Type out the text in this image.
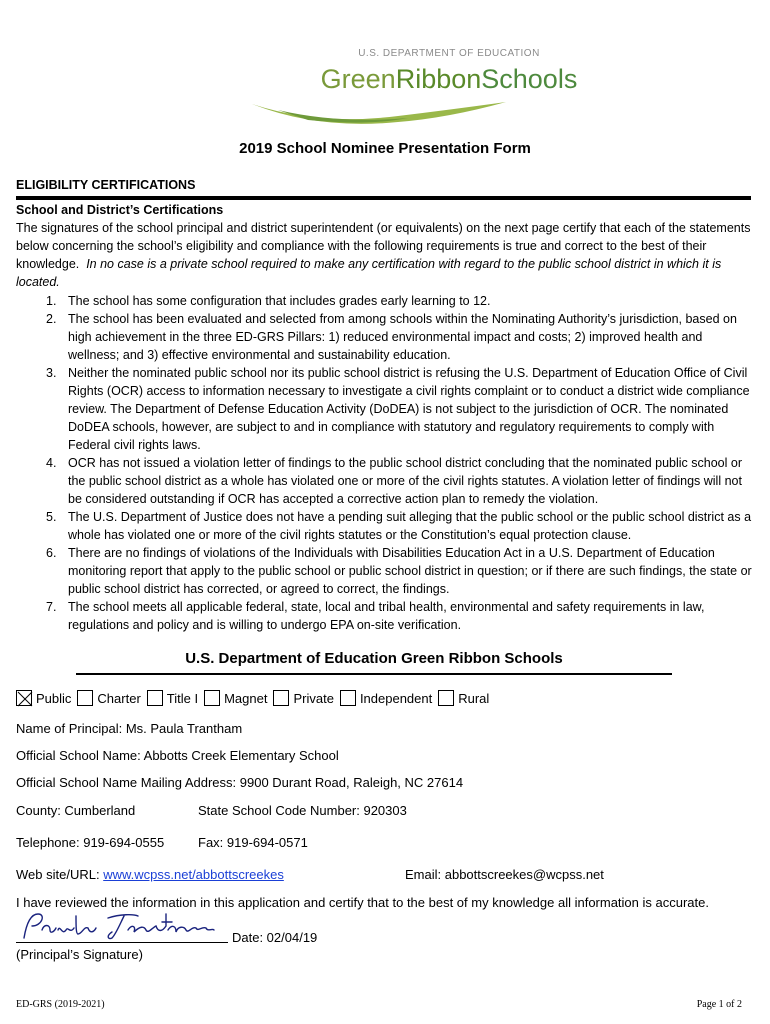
U.S. DEPARTMENT OF EDUCATION
GreenRibbonSchools
2019 School Nominee Presentation Form
ELIGIBILITY CERTIFICATIONS
School and District’s Certifications

The signatures of the school principal and district superintendent (or equivalents) on the next page certify that each of the statements below concerning the school’s eligibility and compliance with the following requirements is true and correct to the best of their knowledge. In no case is a private school required to make any certification with regard to the public school district in which it is located.

1. The school has some configuration that includes grades early learning to 12.
2. The school has been evaluated and selected from among schools within the Nominating Authority’s jurisdiction, based on high achievement in the three ED-GRS Pillars: 1) reduced environmental impact and costs; 2) improved health and wellness; and 3) effective environmental and sustainability education.
3. Neither the nominated public school nor its public school district is refusing the U.S. Department of Education Office of Civil Rights (OCR) access to information necessary to investigate a civil rights complaint or to conduct a district wide compliance review. The Department of Defense Education Activity (DoDEA) is not subject to the jurisdiction of OCR. The nominated DoDEA schools, however, are subject to and in compliance with statutory and regulatory requirements to comply with Federal civil rights laws.
4. OCR has not issued a violation letter of findings to the public school district concluding that the nominated public school or the public school district as a whole has violated one or more of the civil rights statutes. A violation letter of findings will not be considered outstanding if OCR has accepted a corrective action plan to remedy the violation.
5. The U.S. Department of Justice does not have a pending suit alleging that the public school or the public school district as a whole has violated one or more of the civil rights statutes or the Constitution’s equal protection clause.
6. There are no findings of violations of the Individuals with Disabilities Education Act in a U.S. Department of Education monitoring report that apply to the public school or public school district in question; or if there are such findings, the state or public school district has corrected, or agreed to correct, the findings.
7. The school meets all applicable federal, state, local and tribal health, environmental and safety requirements in law, regulations and policy and is willing to undergo EPA on-site verification.
U.S. Department of Education Green Ribbon Schools
Public Charter Title I Magnet Private Independent Rural
Name of Principal: Ms. Paula Trantham
Official School Name: Abbotts Creek Elementary School
Official School Name Mailing Address: 9900 Durant Road, Raleigh, NC 27614
County: Cumberland	State School Code Number: 920303
Telephone: 919-694-0555	Fax: 919-694-0571
Web site/URL: www.wcpss.net/abbottscreekes	Email: abbottscreekes@wcpss.net
I have reviewed the information in this application and certify that to the best of my knowledge all information is accurate.
Date: 02/04/19
(Principal’s Signature)
ED-GRS (2019-2021)	Page 1 of 2
